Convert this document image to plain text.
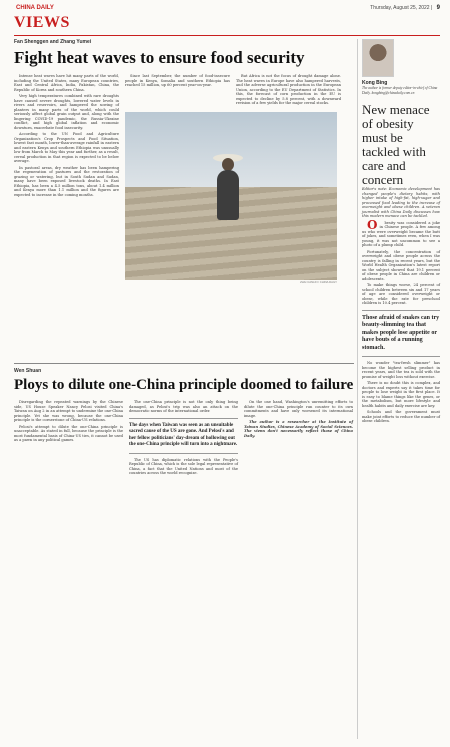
CHINA DAILY	Thursday, August 25, 2022 | 9
VIEWS
Fan Shenggen and Zhang Yumei
Fight heat waves to ensure food security

Intense heat waves have hit many parts of the world, including the United States, many European countries, East and Central Africa, India, Pakistan, China, the Republic of Korea and southern China.

Very high temperatures combined with rare droughts have caused severe droughts, lowered water levels in rivers and reservoirs, and hampered the sowing of planters in many parts of the world, which could seriously affect global grain output and, along with the lingering COVID-19 pandemic, the Russia-Ukraine conflict, and high global inflation and economic downturn, exacerbate food insecurity.

According to the UN Food and Agriculture Organization's Crop Prospects and Food Situation, lowest fast month, lower-than-average rainfall in eastern and eastern Kenya and southern Ethiopia was unusually low from March to May this year and further, as a result, cereal production in that region is expected to be below average.

In pastoral areas, dry weather has been hampering the regeneration of pastures and the restoration of grazing or watering, but in South Sudan and Sudan, many have been exposed livestock deaths. In East Ethiopia, has been a 4.5 million tons, about 1.4 million and Kenya more than 1.1 million and the figures are expected to increase in the coming months.

Since last September, the number of food-insecure people in Kenya, Somalia and southern Ethiopia has reached 15 million, up 60 percent year-on-year.

But Africa is not the focus of drought damage alone. The heat waves in Europe have also hampered harvests, and the adverse agricultural production in the European Union, according to the EU Department of Statistics. In this, the forecast of corn production in the EU is expected to decline by 5.8 percent, with a downward revision of a few yields for the major cereal stocks.

ZHAI CANLIN / CHINA DAILY
Wen Shuan
Ploys to dilute one-China principle doomed to failure

Disregarding the repeated warnings by the Chinese side, US House Speaker Nancy Pelosi visited China's Taiwan on Aug 2 in an attempt to undermine the one-China principle. Yet she was wrong, because the one-China principle is the cornerstone of China-US relations.

Pelosi's attempt to dilute the one-China principle is unacceptable. As stated in full, because the principle is the most fundamental basis of China-US ties, it cannot be used as a pawn in any political games.

The one-China principle is not the only thing being damaged, as Pelosi's trip was also an attack on the democratic norms of the international order.

The days when Taiwan was seen as an unsuitable sacred cause of the US are gone. And Pelosi's and her fellow politicians' day-dream of hollowing out the one-China principle will turn into a nightmare.

The US has diplomatic relations with the People's Republic of China, which is the sole legal representative of China, a fact that the United Nations and most of the countries across the world recognize.

On the one hand, Washington's unremitting efforts to dilute the one-China principle run counter to its own commitments and have only worsened its international image.

The author is a researcher at the Institute of Taiwan Studies, Chinese Academy of Social Sciences. The views don't necessarily reflect those of China Daily.

Kong Bing
The author is former deputy editor-in-chief of China Daily. kongbing@chinadaily.com.cn
New menace of obesity must be tackled with care and concern

Editor's note: Economic development has changed people's dietary habits, with higher intake of high-fat, high-sugar and processed food leading to the increase of overweight and obese children. A veteran journalist with China Daily discusses how this modern menace can be tackled.

Obesity was considered a joke in Chinese people. A few among us who were overweight became the butt of jokes, and sometimes even, when I was young, it was not uncommon to see a photo of a plump child.

Fortunately, the concentration of overweight and obese people across the country is falling in recent years, but the World Health Organization's latest report on the subject showed that 19.1 percent of obese people in China are children or adolescents.

To make things worse, 24 percent of school children between six and 17 years of age are considered overweight or obese, while the rate for preschool children is 10.4 percent.

Those afraid of snakes can try beauty-slimming tea that makes people lose appetite or have bouts of a running stomach.

No wonder "tea-fresh slimmer" has become the highest selling product in recent years, and the tea is sold with the promise of weight loss without exercise.

There is no doubt this is complex, and doctors and experts say it takes time for people to lose weight in the first place. It is easy to blame things like the genes, or the metabolism, but more lifestyle and health habits and daily exercise are key.

Schools and the government must make joint efforts to reduce the number of obese children.
